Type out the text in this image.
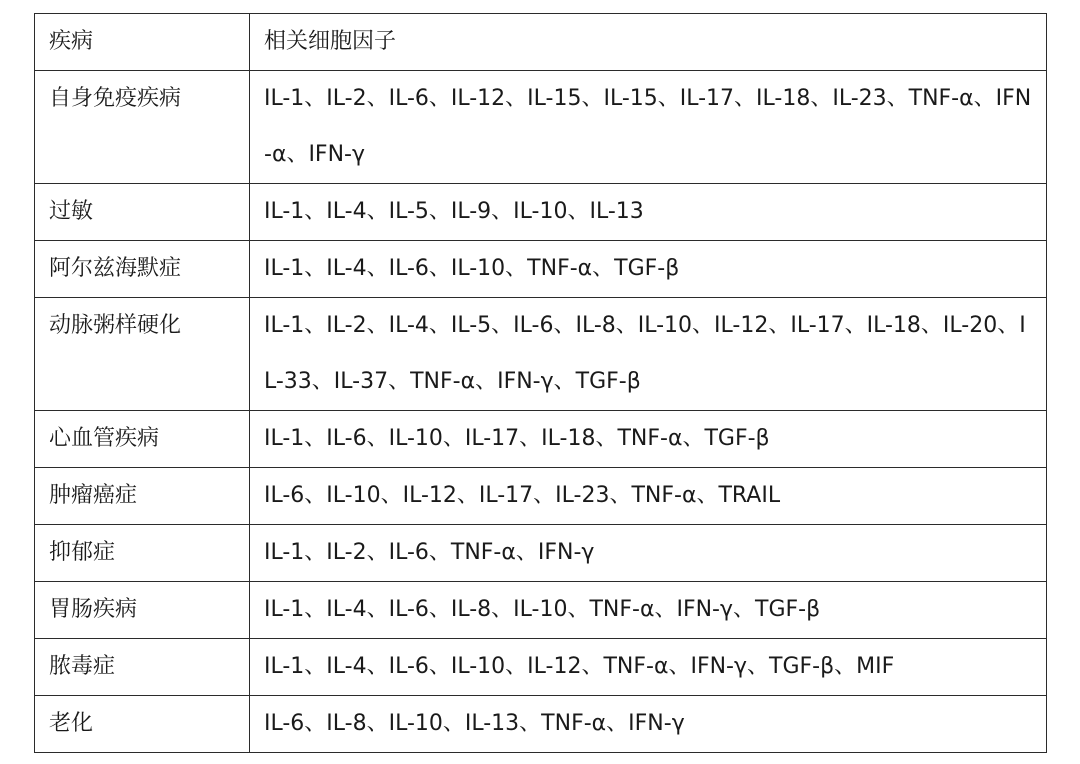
疾病	相关细胞因子
自身免疫疾病	IL-1、IL-2、IL-6、IL-12、IL-15、IL-15、IL-17、IL-18、IL-23、TNF-α、IFN-α、IFN-γ
过敏	IL-1、IL-4、IL-5、IL-9、IL-10、IL-13
阿尔兹海默症	IL-1、IL-4、IL-6、IL-10、TNF-α、TGF-β
动脉粥样硬化	IL-1、IL-2、IL-4、IL-5、IL-6、IL-8、IL-10、IL-12、IL-17、IL-18、IL-20、IL-33、IL-37、TNF-α、IFN-γ、TGF-β
心血管疾病	IL-1、IL-6、IL-10、IL-17、IL-18、TNF-α、TGF-β
肿瘤癌症	IL-6、IL-10、IL-12、IL-17、IL-23、TNF-α、TRAIL
抑郁症	IL-1、IL-2、IL-6、TNF-α、IFN-γ
胃肠疾病	IL-1、IL-4、IL-6、IL-8、IL-10、TNF-α、IFN-γ、TGF-β
脓毒症	IL-1、IL-4、IL-6、IL-10、IL-12、TNF-α、IFN-γ、TGF-β、MIF
老化	IL-6、IL-8、IL-10、IL-13、TNF-α、IFN-γ
